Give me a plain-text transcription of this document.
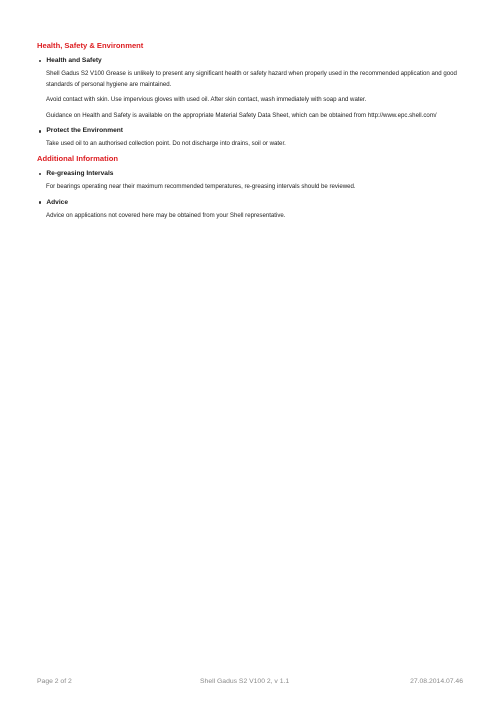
Health, Safety & Environment
Health and Safety

Shell Gadus S2 V100 Grease is unlikely to present any significant health or safety hazard when properly used in the recommended application and good standards of personal hygiene are maintained.

Avoid contact with skin. Use impervious gloves with used oil. After skin contact, wash immediately with soap and water.

Guidance on Health and Safety is available on the appropriate Material Safety Data Sheet, which can be obtained from http://www.epc.shell.com/

Protect the Environment

Take used oil to an authorised collection point. Do not discharge into drains, soil or water.

Additional Information
Re-greasing Intervals

For bearings operating near their maximum recommended temperatures, re-greasing intervals should be reviewed.

Advice

Advice on applications not covered here may be obtained from your Shell representative.

Page 2 of 2	Shell Gadus S2 V100 2, v 1.1	27.08.2014.07.46
